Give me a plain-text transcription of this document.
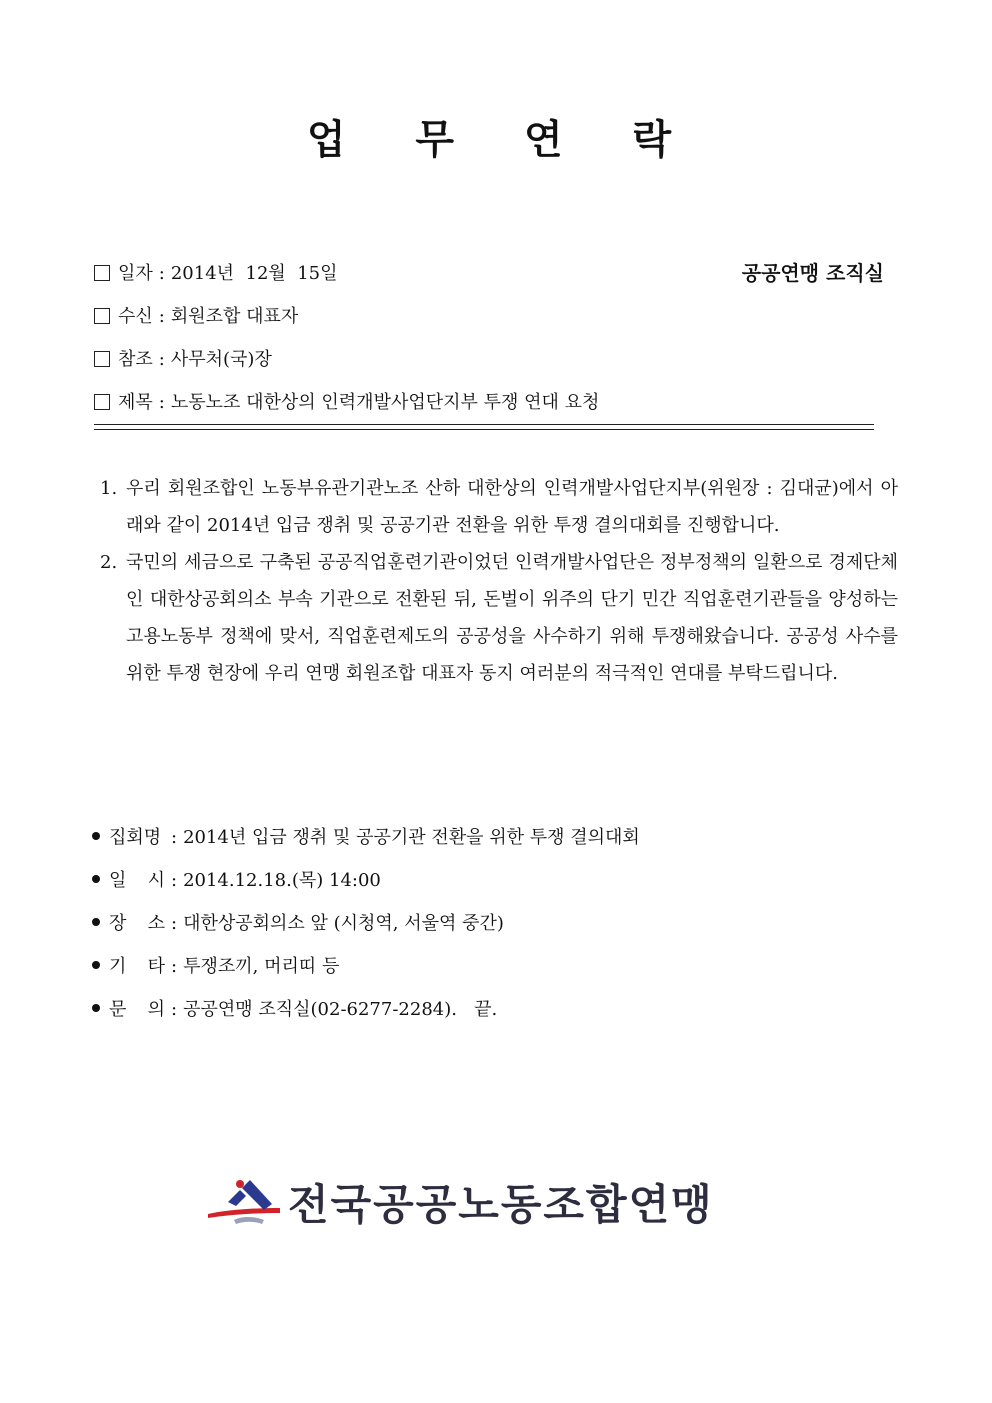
업 무 연 락
일자 : 2014년  12월  15일	공공연맹 조직실
수신 : 회원조합 대표자
참조 : 사무처(국)장
제목 : 노동노조 대한상의 인력개발사업단지부 투쟁 연대 요청
1. 우리 회원조합인 노동부유관기관노조 산하 대한상의 인력개발사업단지부(위원장 : 김대균)에서 아래와 같이 2014년 입금 쟁취 및 공공기관 전환을 위한 투쟁 결의대회를 진행합니다.
2. 국민의 세금으로 구축된 공공직업훈련기관이었던 인력개발사업단은 정부정책의 일환으로 경제단체인 대한상공회의소 부속 기관으로 전환된 뒤, 돈벌이 위주의 단기 민간 직업훈련기관들을 양성하는 고용노동부 정책에 맞서, 직업훈련제도의 공공성을 사수하기 위해 투쟁해왔습니다. 공공성 사수를 위한 투쟁 현장에 우리 연맹 회원조합 대표자 동지 여러분의 적극적인 연대를 부탁드립니다.
집회명 : 2014년 입금 쟁취 및 공공기관 전환을 위한 투쟁 결의대회
일 시 : 2014.12.18.(목) 14:00
장 소 : 대한상공회의소 앞 (시청역, 서울역 중간)
기 타 : 투쟁조끼, 머리띠 등
문 의 : 공공연맹 조직실(02-6277-2284).   끝.
전국공공노동조합연맹
